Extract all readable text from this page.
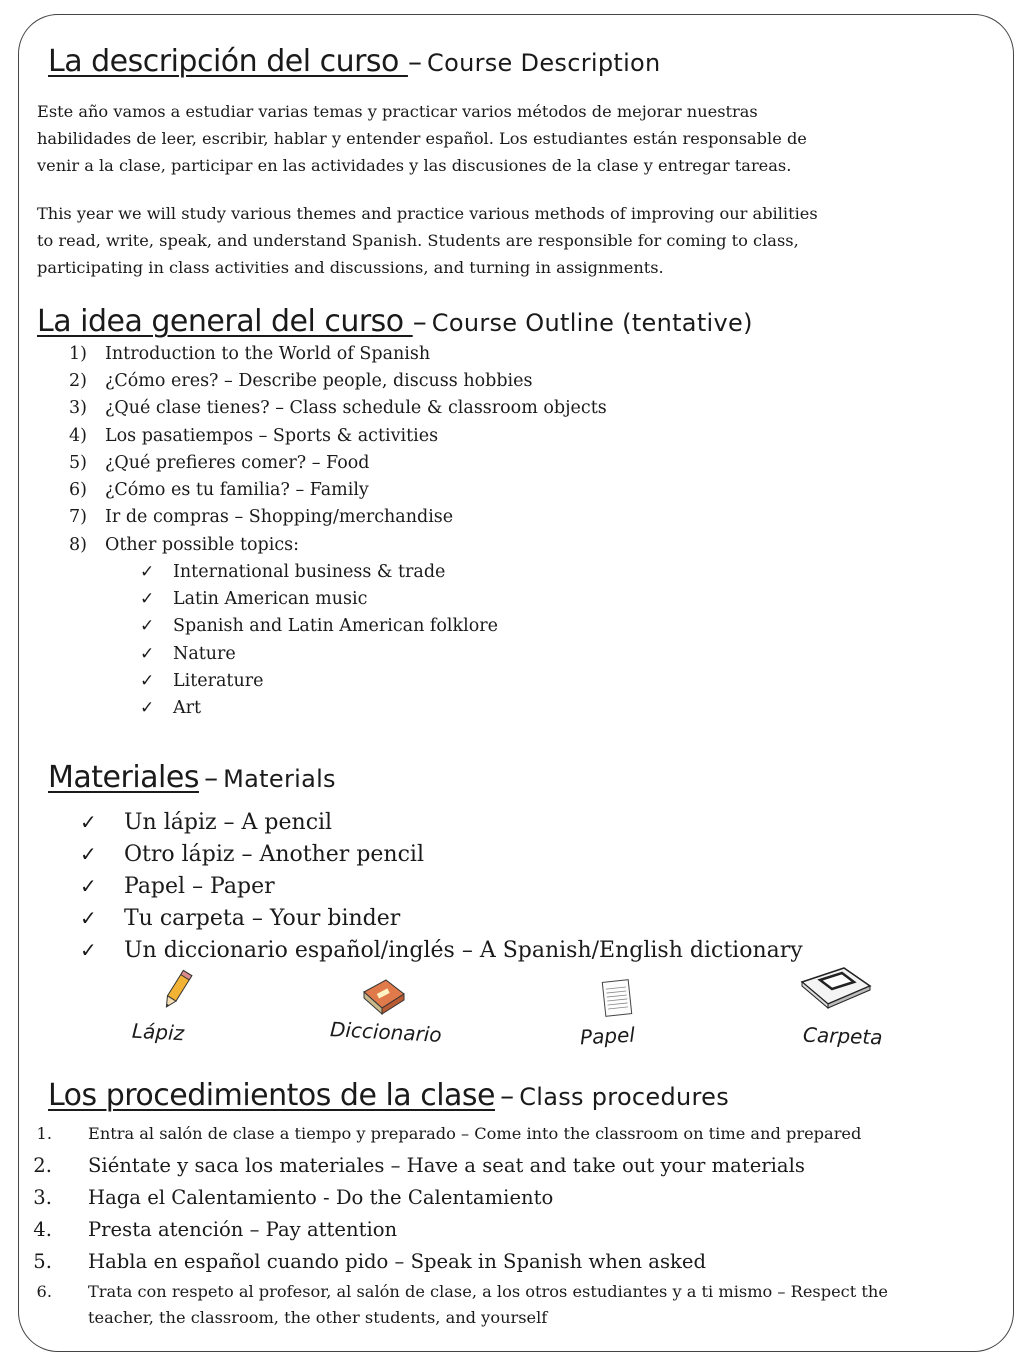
La descripción del curso – Course Description
Este año vamos a estudiar varias temas y practicar varios métodos de mejorar nuestras
habilidades de leer, escribir, hablar y entender español. Los estudiantes están responsable de
venir a la clase, participar en las actividades y las discusiones de la clase y entregar tareas.
This year we will study various themes and practice various methods of improving our abilities
to read, write, speak, and understand Spanish. Students are responsible for coming to class,
participating in class activities and discussions, and turning in assignments.
La idea general del curso – Course Outline (tentative)
1) Introduction to the World of Spanish
2) ¿Cómo eres? – Describe people, discuss hobbies
3) ¿Qué clase tienes? – Class schedule & classroom objects
4) Los pasatiempos – Sports & activities
5) ¿Qué prefieres comer? – Food
6) ¿Cómo es tu familia? – Family
7) Ir de compras – Shopping/merchandise
8) Other possible topics:
✓ International business & trade
✓ Latin American music
✓ Spanish and Latin American folklore
✓ Nature
✓ Literature
✓ Art
Materiales – Materials
✓ Un lápiz – A pencil
✓ Otro lápiz – Another pencil
✓ Papel – Paper
✓ Tu carpeta – Your binder
✓ Un diccionario español/inglés – A Spanish/English dictionary
Lápiz	Diccionario	Papel	Carpeta
Los procedimientos de la clase – Class procedures
1. Entra al salón de clase a tiempo y preparado – Come into the classroom on time and prepared
2. Siéntate y saca los materiales – Have a seat and take out your materials
3. Haga el Calentamiento - Do the Calentamiento
4. Presta atención – Pay attention
5. Habla en español cuando pido – Speak in Spanish when asked
6. Trata con respeto al profesor, al salón de clase, a los otros estudiantes y a ti mismo – Respect the
teacher, the classroom, the other students, and yourself
